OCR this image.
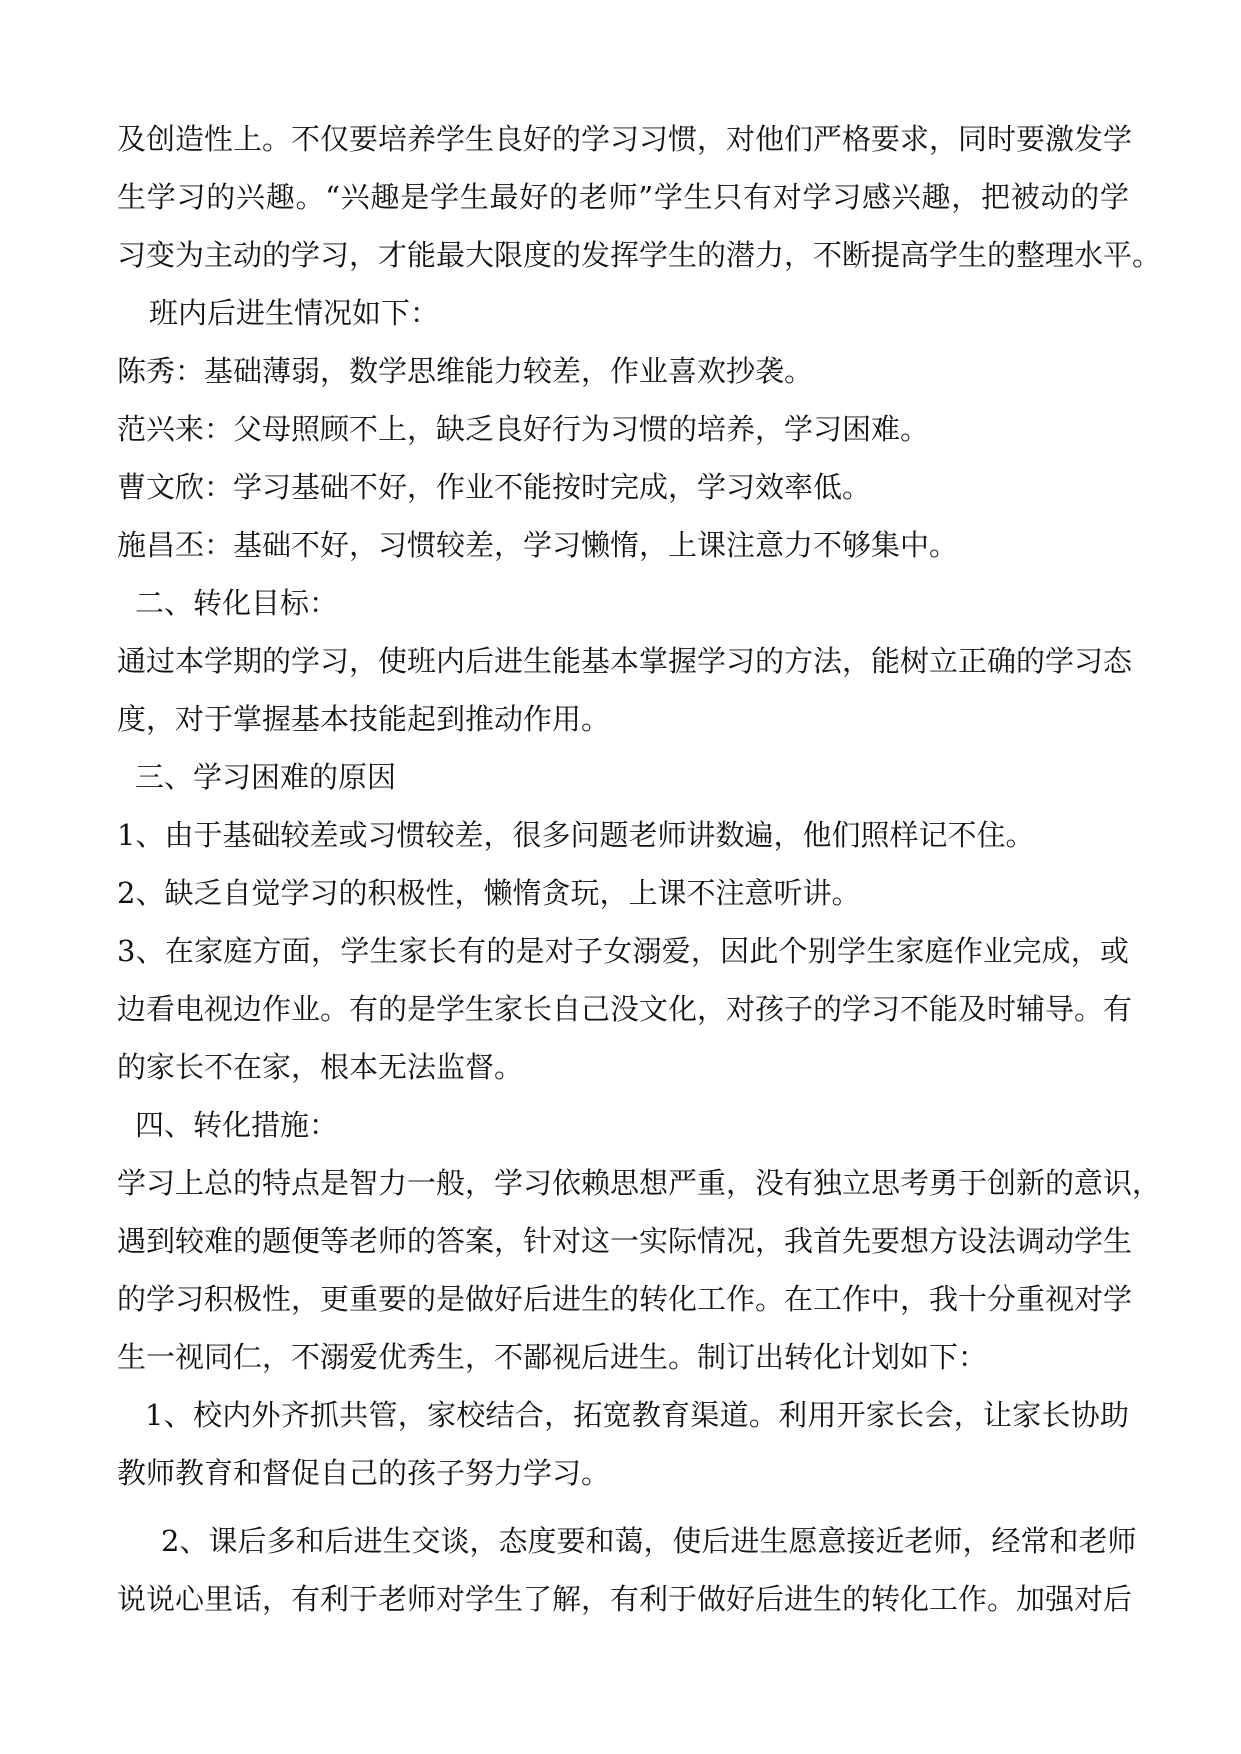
及创造性上。不仅要培养学生良好的学习习惯，对他们严格要求，同时要激发学
生学习的兴趣。“兴趣是学生最好的老师”学生只有对学习感兴趣，把被动的学
习变为主动的学习，才能最大限度的发挥学生的潜力，不断提高学生的整理水平。
班内后进生情况如下：
陈秀：基础薄弱，数学思维能力较差，作业喜欢抄袭。
范兴来：父母照顾不上，缺乏良好行为习惯的培养，学习困难。
曹文欣：学习基础不好，作业不能按时完成，学习效率低。
施昌丕：基础不好，习惯较差，学习懒惰，上课注意力不够集中。
二、转化目标：
通过本学期的学习，使班内后进生能基本掌握学习的方法，能树立正确的学习态
度，对于掌握基本技能起到推动作用。
三、学习困难的原因
1、由于基础较差或习惯较差，很多问题老师讲数遍，他们照样记不住。
2、缺乏自觉学习的积极性，懒惰贪玩，上课不注意听讲。
3、在家庭方面，学生家长有的是对子女溺爱，因此个别学生家庭作业完成，或
边看电视边作业。有的是学生家长自己没文化，对孩子的学习不能及时辅导。有
的家长不在家，根本无法监督。
四、转化措施：
学习上总的特点是智力一般，学习依赖思想严重，没有独立思考勇于创新的意识，
遇到较难的题便等老师的答案，针对这一实际情况，我首先要想方设法调动学生
的学习积极性，更重要的是做好后进生的转化工作。在工作中，我十分重视对学
生一视同仁，不溺爱优秀生，不鄙视后进生。制订出转化计划如下：
1、校内外齐抓共管，家校结合，拓宽教育渠道。利用开家长会，让家长协助
教师教育和督促自己的孩子努力学习。
2、课后多和后进生交谈，态度要和蔼，使后进生愿意接近老师，经常和老师
说说心里话，有利于老师对学生了解，有利于做好后进生的转化工作。加强对后
